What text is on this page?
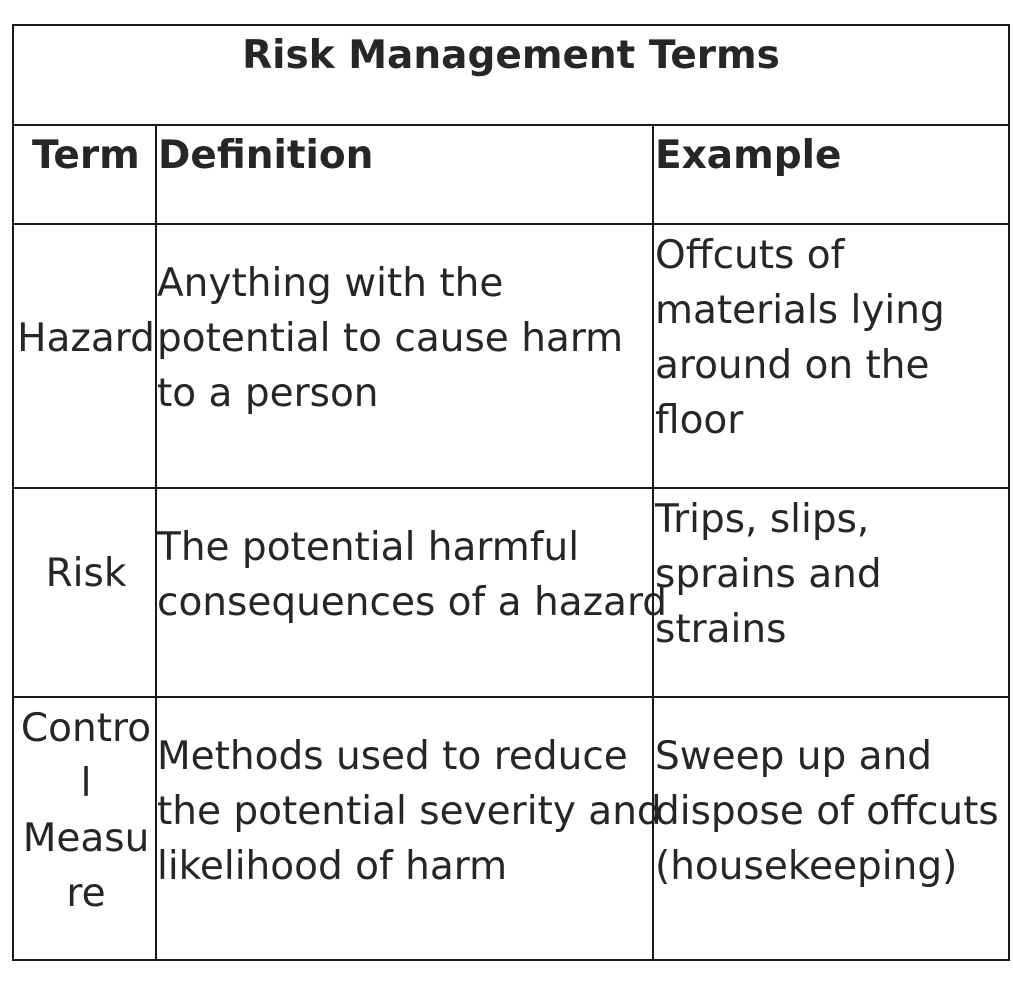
Risk Management Terms
Term Definition	Example
Hazard
Anything with the
potential to cause harm
to a person
Offcuts of
materials lying
around on the
floor
Risk
The potential harmful
consequences of a hazard
Trips, slips,
sprains and
strains
Contro
l
Measu
re
Methods used to reduce
the potential severity and
likelihood of harm
Sweep up and
dispose of offcuts
(housekeeping)
